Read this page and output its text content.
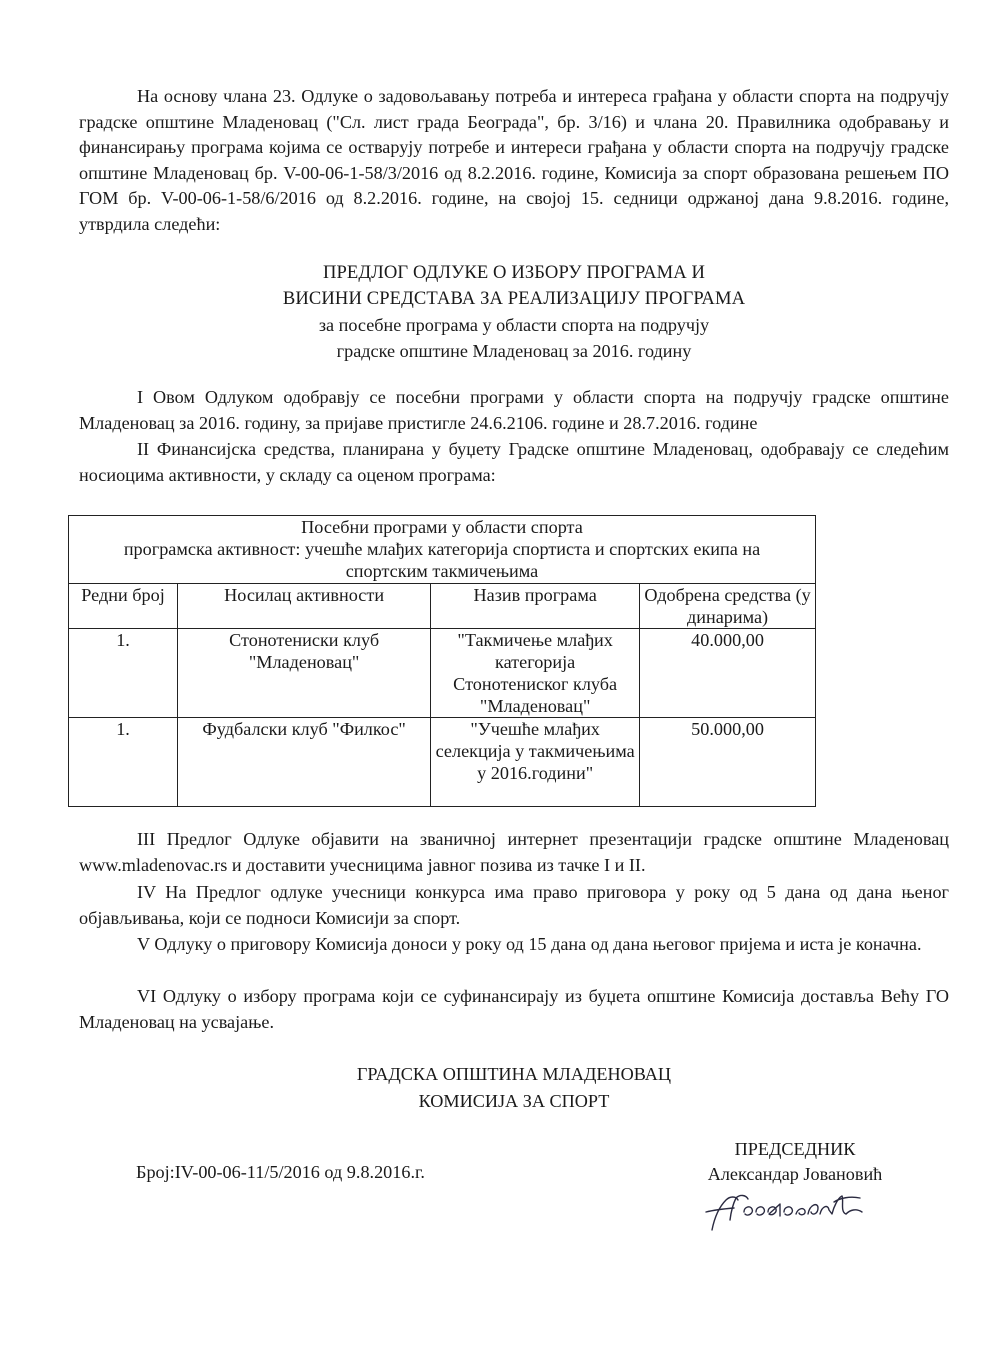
На основу члана 23. Одлуке о задовољавању потреба и интереса грађана у области спорта на подручју градске општине Младеновац ("Сл. лист града Београда", бр. 3/16) и члана 20. Правилника одобравању и финансирању програма којима се остварују потребе и интереси грађана у области спорта на подручју градске општине Младеновац бр. V-00-06-1-58/3/2016 од 8.2.2016. године, Комисија за спорт образована решењем ПО ГОМ бр. V-00-06-1-58/6/2016 од 8.2.2016. године, на својој 15. седници одржаној дана 9.8.2016. године, утврдила следећи:

ПРЕДЛОГ ОДЛУКЕ О ИЗБОРУ ПРОГРАМА И

ВИСИНИ СРЕДСТАВА ЗА РЕАЛИЗАЦИЈУ ПРОГРАМА

за посебне програма у области спорта на подручју

градске општине Младеновац за 2016. годину

I Овом Одлуком одобравју се посебни програми у области спорта на подручју градске општине Младеновац за 2016. годину, за пријаве пристигле 24.6.2106. године и 28.7.2016. године

II Финансијска средства, планирана у буџету Градске општине Младеновац, одобравају се следећим носиоцима активности, у складу са оценом програма:

Посебни програми у области спорта
програмска активност: учешће млађих категорија спортиста и спортских екипа на
спортским такмичењима			

Редни број	Носилац активности	Назив програма	Одобрена средства (у динарима)
1.	Стонотениски клуб "Младеновац"	"Такмичење млађих категорија Стонотениског клуба "Младеновац"	40.000,00
1.	Фудбалски клуб "Филкос"	"Учешће млађих селекција у такмичењима у 2016.години"	50.000,00

III Предлог Одлуке објавити на званичној интернет презентацији градске општине Младеновац www.mladenovac.rs и доставити учесницима јавног позива из тачке I и II.

IV На Предлог одлуке учесници конкурса има право приговора у року од 5 дана од дана њеног објављивања, који се подноси Комисији за спорт.

V Одлуку о приговору Комисија доноси у року од 15 дана од дана његовог пријема и иста је коначна.

VI Одлуку о избору програма који се суфинансирају из буџета општине Комисија доставља Већу ГО Младеновац на усвајање.

ГРАДСКА ОПШТИНА МЛАДЕНОВАЦ

КОМИСИЈА ЗА СПОРТ

ПРЕДСЕДНИК

Александар Јовановић

Број:IV-00-06-11/5/2016 од 9.8.2016.г.
